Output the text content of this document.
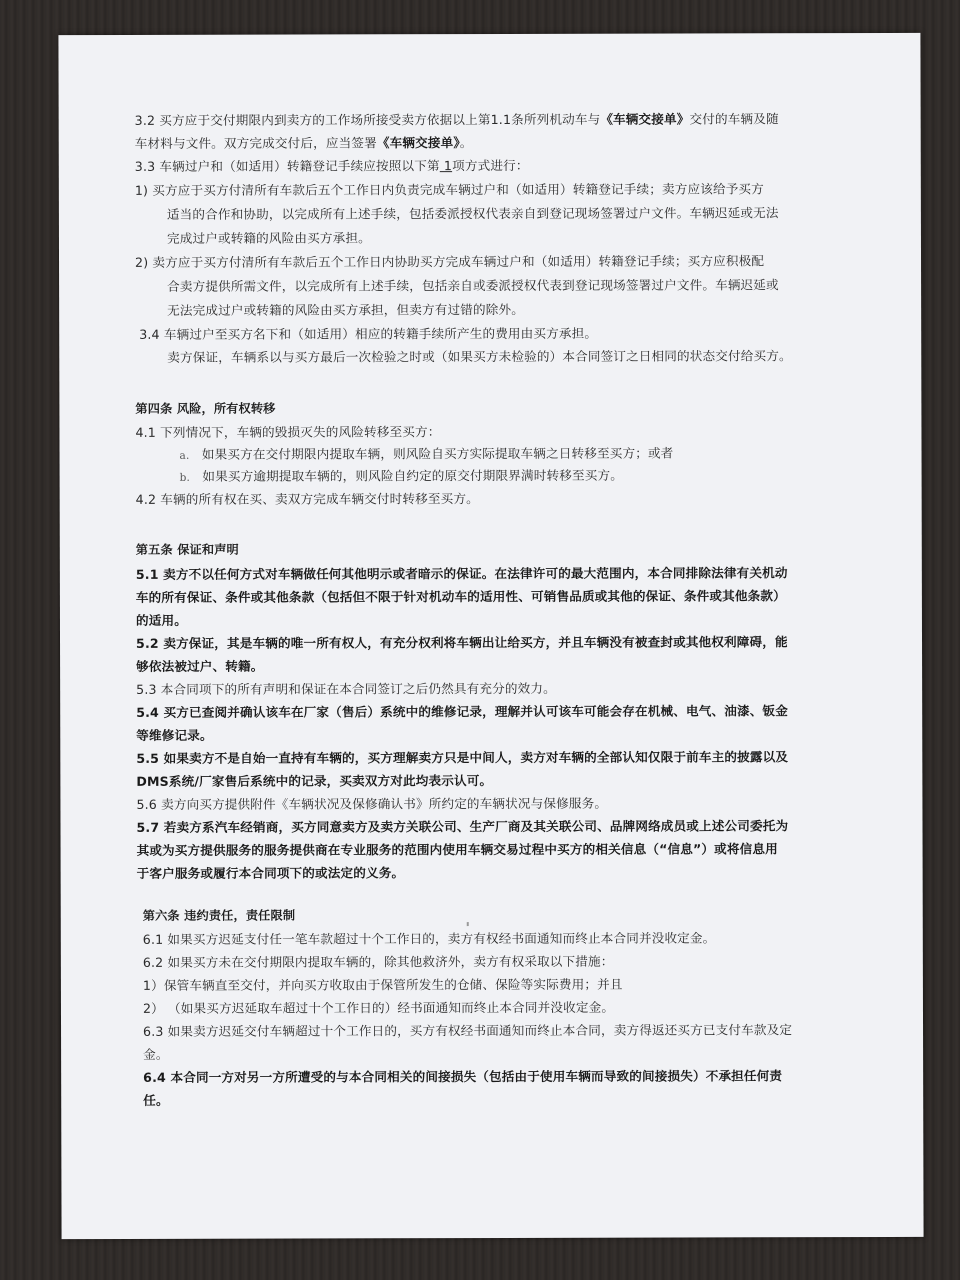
3.2 买方应于交付期限内到卖方的工作场所接受卖方依据以上第1.1条所列机动车与《车辆交接单》交付的车辆及随
车材料与文件。双方完成交付后，应当签署《车辆交接单》。
3.3 车辆过户和（如适用）转籍登记手续应按照以下第 1项方式进行：
1) 买方应于买方付清所有车款后五个工作日内负责完成车辆过户和（如适用）转籍登记手续；卖方应该给予买方
适当的合作和协助，以完成所有上述手续，包括委派授权代表亲自到登记现场签署过户文件。车辆迟延或无法
完成过户或转籍的风险由买方承担。
2) 卖方应于买方付清所有车款后五个工作日内协助买方完成车辆过户和（如适用）转籍登记手续；买方应积极配
合卖方提供所需文件，以完成所有上述手续，包括亲自或委派授权代表到登记现场签署过户文件。车辆迟延或
无法完成过户或转籍的风险由买方承担，但卖方有过错的除外。
3.4 车辆过户至买方名下和（如适用）相应的转籍手续所产生的费用由买方承担。
卖方保证，车辆系以与买方最后一次检验之时或（如果买方未检验的）本合同签订之日相同的状态交付给买方。
第四条 风险，所有权转移
4.1 下列情况下，车辆的毁损灭失的风险转移至买方：
a. 如果买方在交付期限内提取车辆，则风险自买方实际提取车辆之日转移至买方；或者
b. 如果买方逾期提取车辆的，则风险自约定的原交付期限界满时转移至买方。
4.2 车辆的所有权在买、卖双方完成车辆交付时转移至买方。
第五条 保证和声明
5.1 卖方不以任何方式对车辆做任何其他明示或者暗示的保证。在法律许可的最大范围内，本合同排除法律有关机动
车的所有保证、条件或其他条款（包括但不限于针对机动车的适用性、可销售品质或其他的保证、条件或其他条款）
的适用。
5.2 卖方保证，其是车辆的唯一所有权人，有充分权利将车辆出让给买方，并且车辆没有被查封或其他权利障碍，能
够依法被过户、转籍。
5.3 本合同项下的所有声明和保证在本合同签订之后仍然具有充分的效力。
5.4 买方已查阅并确认该车在厂家（售后）系统中的维修记录，理解并认可该车可能会存在机械、电气、油漆、钣金
等维修记录。
5.5 如果卖方不是自始一直持有车辆的，买方理解卖方只是中间人，卖方对车辆的全部认知仅限于前车主的披露以及
DMS系统/厂家售后系统中的记录，买卖双方对此均表示认可。
5.6 卖方向买方提供附件《车辆状况及保修确认书》所约定的车辆状况与保修服务。
5.7 若卖方系汽车经销商，买方同意卖方及卖方关联公司、生产厂商及其关联公司、品牌网络成员或上述公司委托为
其或为买方提供服务的服务提供商在专业服务的范围内使用车辆交易过程中买方的相关信息（“信息”）或将信息用
于客户服务或履行本合同项下的或法定的义务。
第六条 违约责任，责任限制
6.1 如果买方迟延支付任一笔车款超过十个工作日的，卖方有权经书面通知而终止本合同并没收定金。
6.2 如果买方未在交付期限内提取车辆的，除其他救济外，卖方有权采取以下措施：
1）保管车辆直至交付，并向买方收取由于保管所发生的仓储、保险等实际费用；并且
2） （如果买方迟延取车超过十个工作日的）经书面通知而终止本合同并没收定金。
6.3 如果卖方迟延交付车辆超过十个工作日的，买方有权经书面通知而终止本合同，卖方得返还买方已支付车款及定
金。
6.4 本合同一方对另一方所遭受的与本合同相关的间接损失（包括由于使用车辆而导致的间接损失）不承担任何责
任。
